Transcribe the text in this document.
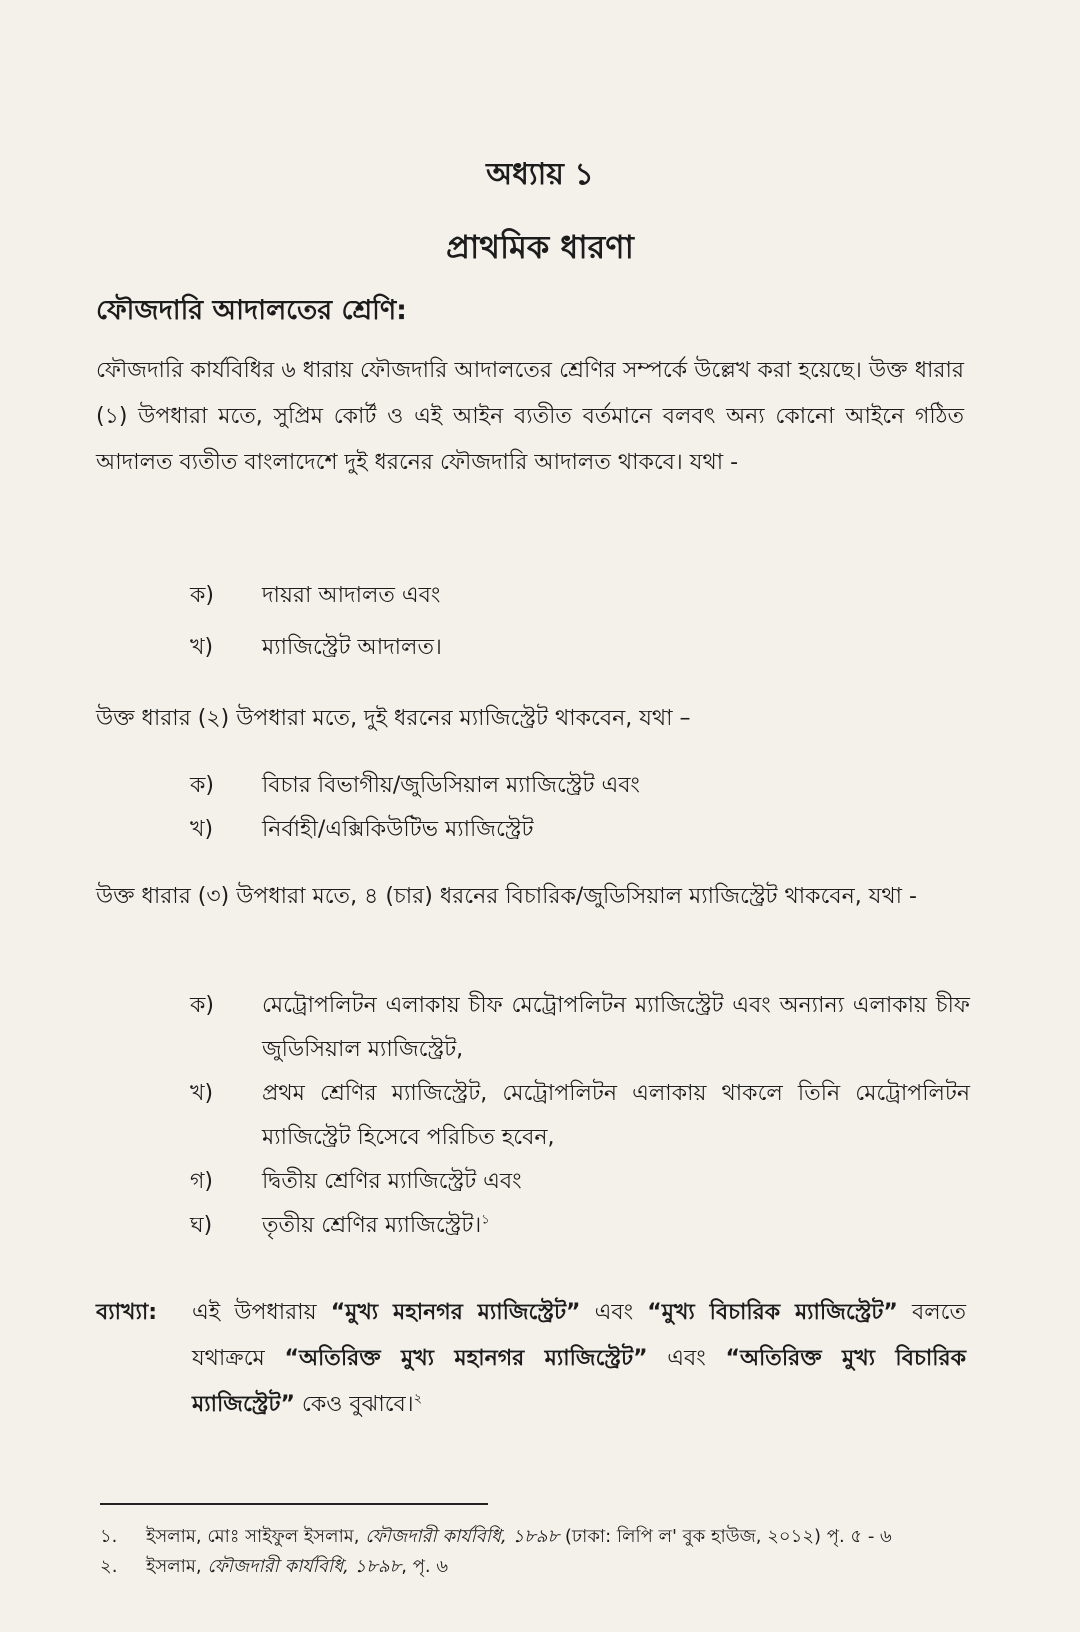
অধ্যায় ১
প্রাথমিক ধারণা
ফৌজদারি আদালতের শ্রেণি:

ফৌজদারি কার্যবিধির ৬ ধারায় ফৌজদারি আদালতের শ্রেণির সম্পর্কে উল্লেখ করা হয়েছে। উক্ত ধারার (১) উপধারা মতে, সুপ্রিম কোর্ট ও এই আইন ব্যতীত বর্তমানে বলবৎ অন্য কোনো আইনে গঠিত আদালত ব্যতীত বাংলাদেশে দুই ধরনের ফৌজদারি আদালত থাকবে। যথা -

ক)	দায়রা আদালত এবং
খ)	ম্যাজিস্ট্রেট আদালত।

উক্ত ধারার (২) উপধারা মতে, দুই ধরনের ম্যাজিস্ট্রেট থাকবেন, যথা –

ক)	বিচার বিভাগীয়/জুডিসিয়াল ম্যাজিস্ট্রেট এবং
খ)	নির্বাহী/এক্সিকিউটিভ ম্যাজিস্ট্রেট

উক্ত ধারার (৩) উপধারা মতে, ৪ (চার) ধরনের বিচারিক/জুডিসিয়াল ম্যাজিস্ট্রেট থাকবেন, যথা -

ক)	মেট্রোপলিটন এলাকায় চীফ মেট্রোপলিটন ম্যাজিস্ট্রেট এবং অন্যান্য এলাকায় চীফ জুডিসিয়াল ম্যাজিস্ট্রেট,
খ)	প্রথম শ্রেণির ম্যাজিস্ট্রেট, মেট্রোপলিটন এলাকায় থাকলে তিনি মেট্রোপলিটন ম্যাজিস্ট্রেট হিসেবে পরিচিত হবেন,
গ)	দ্বিতীয় শ্রেণির ম্যাজিস্ট্রেট এবং
ঘ)	তৃতীয় শ্রেণির ম্যাজিস্ট্রেট।$^১$
ব্যাখ্যা:	এই উপধারায় “মুখ্য মহানগর ম্যাজিস্ট্রেট” এবং “মুখ্য বিচারিক ম্যাজিস্ট্রেট” বলতে যথাক্রমে “অতিরিক্ত মুখ্য মহানগর ম্যাজিস্ট্রেট” এবং “অতিরিক্ত মুখ্য বিচারিক ম্যাজিস্ট্রেট” কেও বুঝাবে।$^২$
১.	ইসলাম, মোঃ সাইফুল ইসলাম, ফৌজদারী কার্যবিধি, ১৮৯৮ (ঢাকা: লিপি ল' বুক হাউজ, ২০১২) পৃ. ৫ - ৬
২.	ইসলাম, ফৌজদারী কার্যবিধি, ১৮৯৮, পৃ. ৬
